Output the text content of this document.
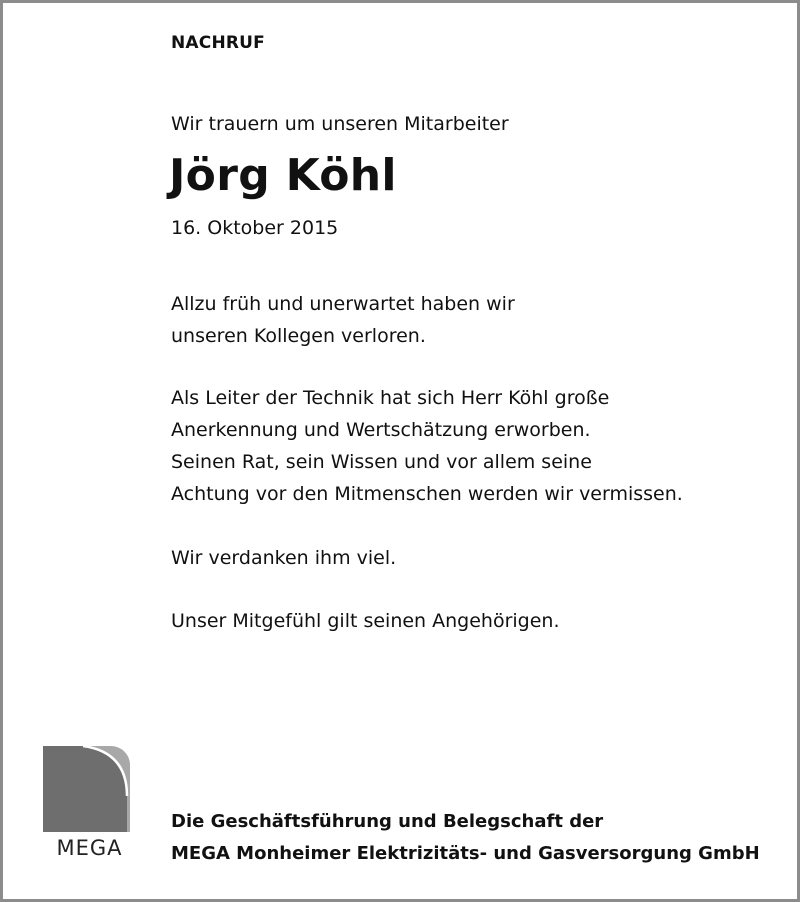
MEGA
NACHRUF
Wir trauern um unseren Mitarbeiter
Jörg Köhl
16. Oktober 2015
Allzu früh und unerwartet haben wir
unseren Kollegen verloren.
Als Leiter der Technik hat sich Herr Köhl große
Anerkennung und Wertschätzung erworben.
Seinen Rat, sein Wissen und vor allem seine
Achtung vor den Mitmenschen werden wir vermissen.
Wir verdanken ihm viel.
Unser Mitgefühl gilt seinen Angehörigen.
Die Geschäftsführung und Belegschaft der
MEGA Monheimer Elektrizitäts- und Gasversorgung GmbH
